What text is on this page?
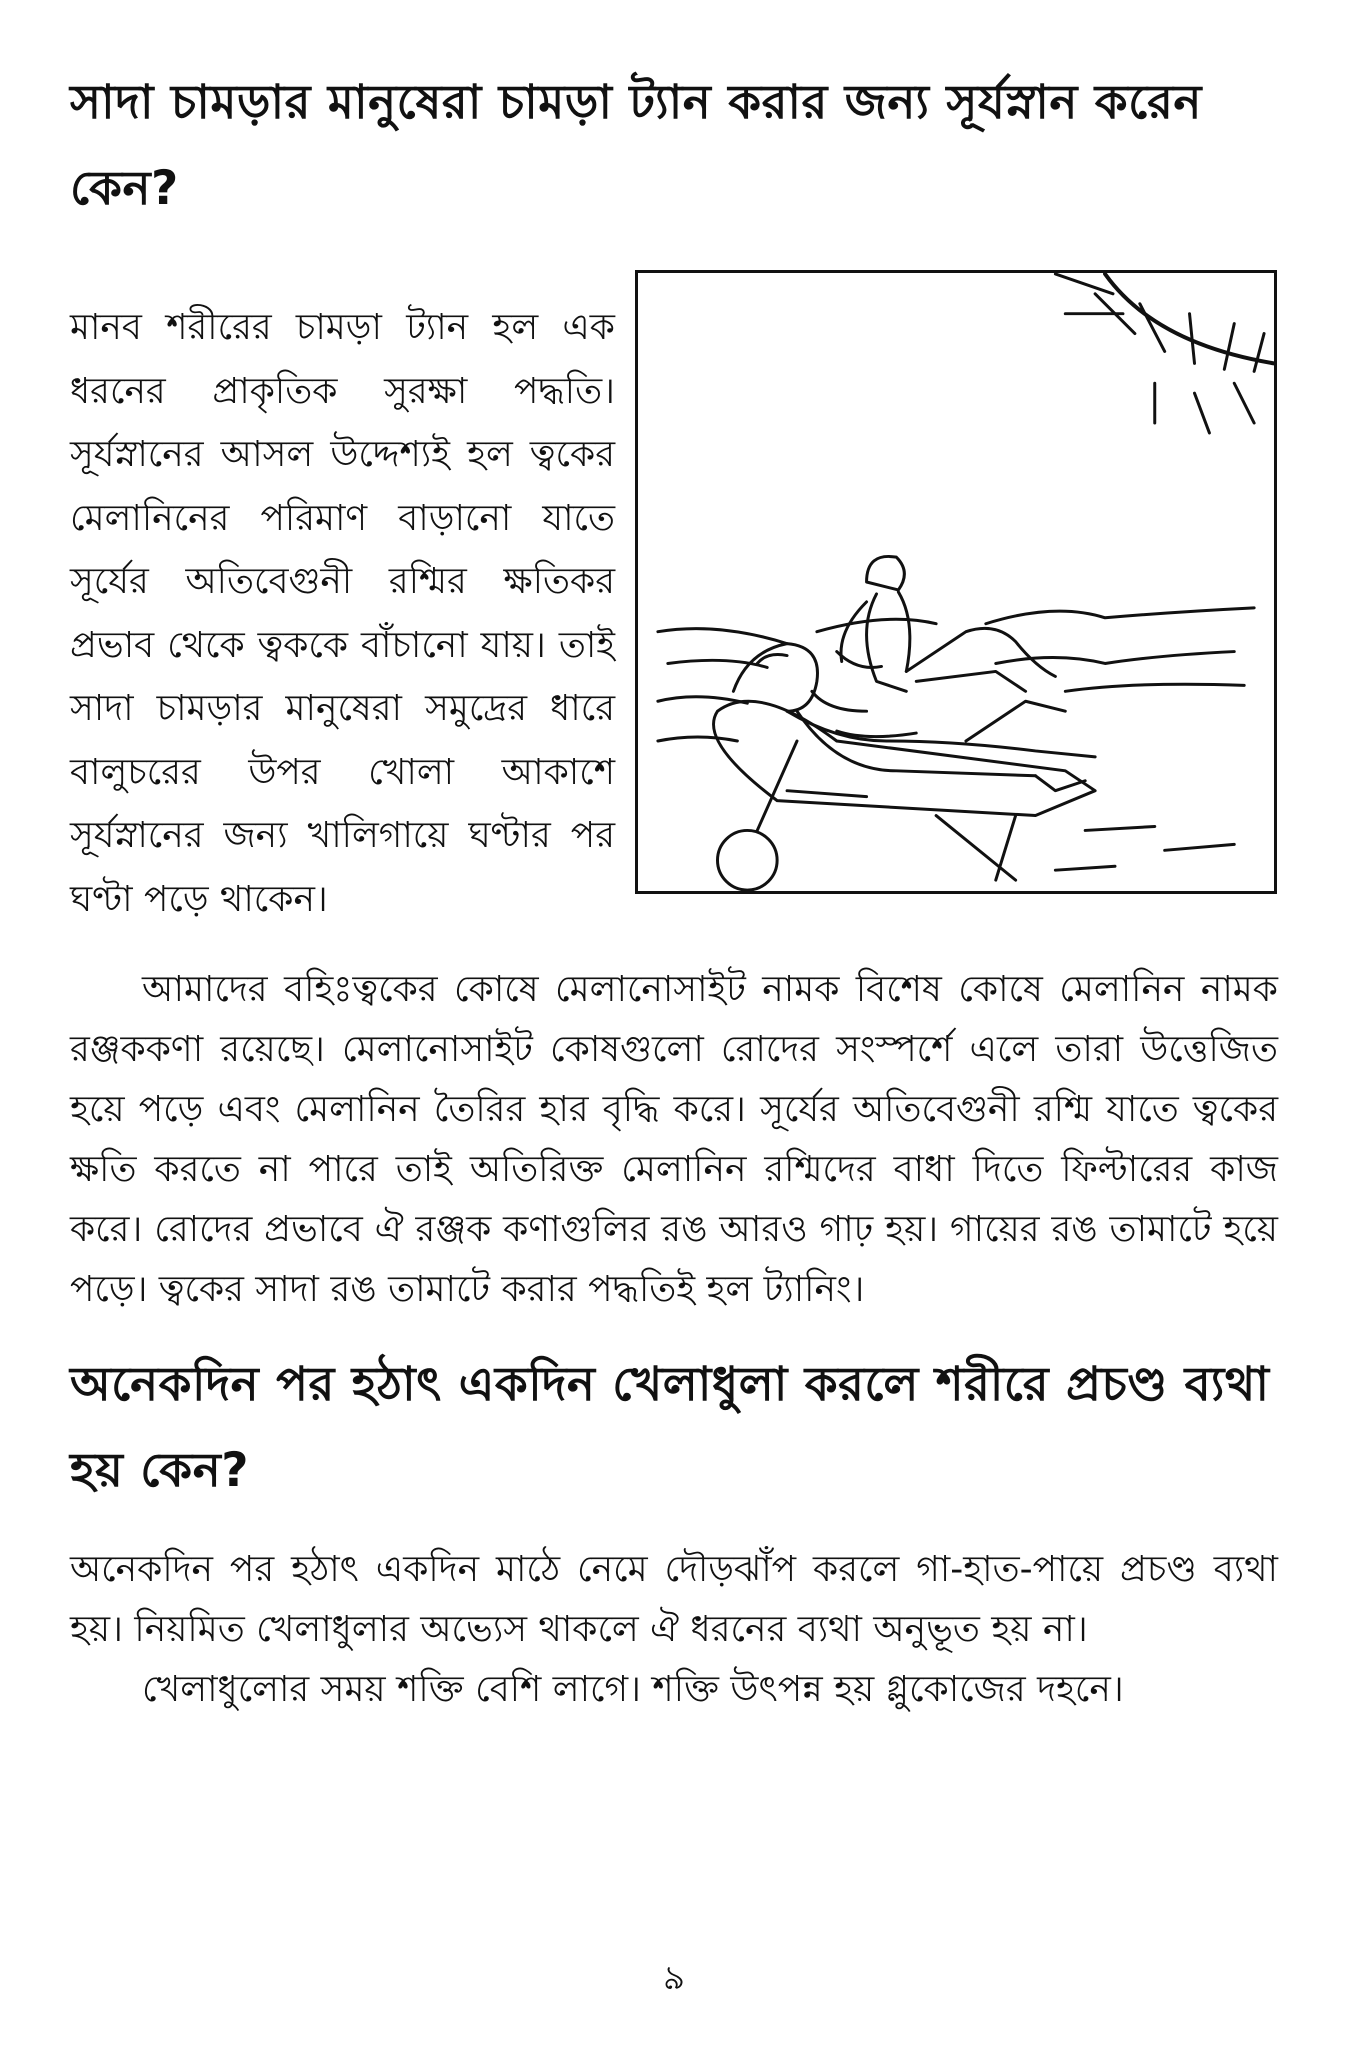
সাদা চামড়ার মানুষেরা চামড়া ট্যান করার জন্য সূর্যস্নান করেন কেন?

মানব শরীরের চামড়া ট্যান হল এক ধরনের প্রাকৃতিক সুরক্ষা পদ্ধতি। সূর্যস্নানের আসল উদ্দেশ্যই হল ত্বকের মেলানিনের পরিমাণ বাড়ানো যাতে সূর্যের অতিবেগুনী রশ্মির ক্ষতিকর প্রভাব থেকে ত্বককে বাঁচানো যায়। তাই সাদা চামড়ার মানুষেরা সমুদ্রের ধারে বালুচরের উপর খোলা আকাশে সূর্যস্নানের জন্য খালিগায়ে ঘণ্টার পর ঘণ্টা পড়ে থাকেন।

আমাদের বহিঃত্বকের কোষে মেলানোসাইট নামক বিশেষ কোষে মেলানিন নামক রঞ্জককণা রয়েছে। মেলানোসাইট কোষগুলো রোদের সংস্পর্শে এলে তারা উত্তেজিত হয়ে পড়ে এবং মেলানিন তৈরির হার বৃদ্ধি করে। সূর্যের অতিবেগুনী রশ্মি যাতে ত্বকের ক্ষতি করতে না পারে তাই অতিরিক্ত মেলানিন রশ্মিদের বাধা দিতে ফিল্টারের কাজ করে। রোদের প্রভাবে ঐ রঞ্জক কণাগুলির রঙ আরও গাঢ় হয়। গায়ের রঙ তামাটে হয়ে পড়ে। ত্বকের সাদা রঙ তামাটে করার পদ্ধতিই হল ট্যানিং।

অনেকদিন পর হঠাৎ একদিন খেলাধুলা করলে শরীরে প্রচণ্ড ব্যথা হয় কেন?

অনেকদিন পর হঠাৎ একদিন মাঠে নেমে দৌড়ঝাঁপ করলে গা-হাত-পায়ে প্রচণ্ড ব্যথা হয়। নিয়মিত খেলাধুলার অভ্যেস থাকলে ঐ ধরনের ব্যথা অনুভূত হয় না।

খেলাধুলোর সময় শক্তি বেশি লাগে। শক্তি উৎপন্ন হয় গ্লুকোজের দহনে।

৯
